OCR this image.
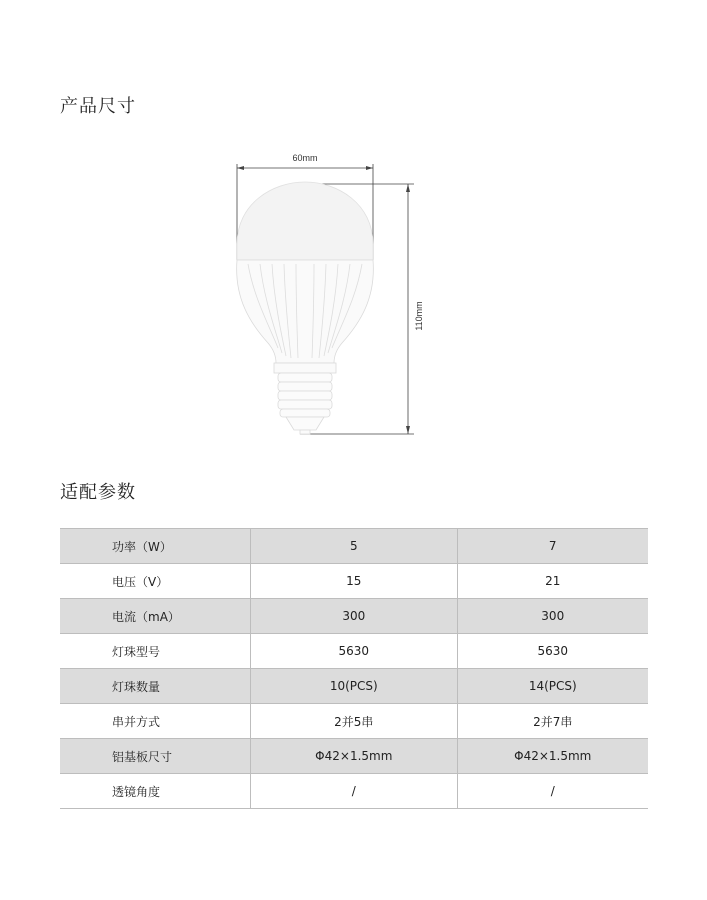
产品尺寸
60mm
110mm
适配参数
功率（W）	5	7
电压（V）	15	21
电流（mA）	300	300
灯珠型号	5630	5630
灯珠数量	10(PCS)	14(PCS)
串并方式	2并5串	2并7串
铝基板尺寸	Φ42×1.5mm	Φ42×1.5mm
透镜角度	/	/
